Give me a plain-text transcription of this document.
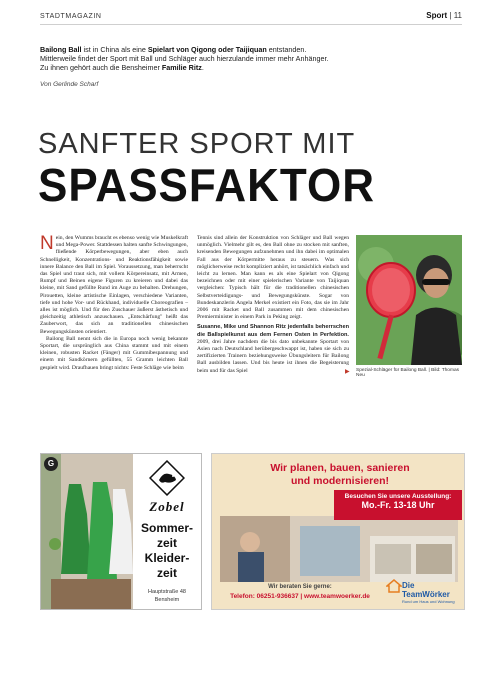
STADTMAGAZIN	Sport | 11
Bailong Ball ist in China als eine Spielart von Qigong oder Taijiquan entstanden.
Mittlerweile findet der Sport mit Ball und Schläger auch hierzulande immer mehr Anhänger.
Zu ihnen gehört auch die Bensheimer Familie Ritz.
Von Gerlinde Scharf
SANFTER SPORT MIT
SPASSFAKTOR

Nein, den Wumms braucht es ebenso wenig wie Muskelkraft und Mega-Power. Stattdessen halten sanfte Schwingungen, fließende Körperbewegungen, aber eben auch Schnelligkeit, Konzentrations- und Reaktionsfähigkeit sowie innere Balance den Ball im Spiel. Voraussetzung, man beherrscht das Spiel und traut sich, mit vollem Körpereinsatz, mit Armen, Rumpf und Beinen eigene Figuren zu kreieren und dabei das kleine, mit Sand gefüllte Rund im Auge zu behalten. Drehungen, Pirouetten, kleine artistische Einlagen, verschiedene Varianten, tiefe und hohe Vor- und Rückhand, individuelle Choreografien – alles ist möglich. Und für den Zuschauer äußerst ästhetisch und gleichzeitig athletisch anzuschauen. „Entschärfung" heißt das Zauberwort, das sich an traditionellen chinesischen Bewegungskünsten orientiert.

Bailong Ball nennt sich die in Europa noch wenig bekannte Sportart, die ursprünglich aus China stammt und mit einem kleinen, robusten Racket (Fänger) mit Gummibespannung und einem mit Sandkörnern gefüllten, 55 Gramm leichten Ball gespielt wird. Draufhauen bringt nichts: Feste Schläge wie beim

Tennis sind allein der Konstruktion von Schläger und Ball wegen unmöglich. Vielmehr gilt es, den Ball ohne zu stocken mit sanften, kreisenden Bewegungen aufzunehmen und ihn dabei im optimalen Fall aus der Körpermitte heraus zu steuern. Was sich möglicherweise recht kompliziert anhört, ist tatsächlich einfach und leicht zu lernen. Man kann es als eine Spielart von Qigong bezeichnen oder mit einer spielerischen Variante von Taijiquan vergleichen: Typisch hält für die traditionellen chinesischen Selbstverteidigungs- und Bewegungskünste. Sogar von Bundeskanzlerin Angela Merkel existiert ein Foto, das sie im Jahr 2006 mit Racket und Ball zusammen mit dem chinesischen Premierminister in einem Park in Peking zeigt.

Susanne, Mike und Shannon Ritz jedenfalls beherrschen die Ballspielkunst aus dem Fernen Osten in Perfektion. 2009, drei Jahre nachdem die bis dato unbekannte Sportart von Asien nach Deutschland herübergeschwappt ist, haben sie sich zu zertifizierten Trainern beziehungsweise Übungsleitern für Bailong Ball ausbilden lassen. Und bis heute ist ihnen die Begeisterung beim und für das Spiel	▶ Spezial-Schläger für Bailong Ball. | Bild: Thomas Neu
G
Zobel
Sommer-
zeit
Kleider-
zeit
Hauptstraße 48
Bensheim
Wir planen, bauen, sanieren
und modernisieren!
Besuchen Sie unsere Ausstellung:
Mo.-Fr. 13-18 Uhr
Wir beraten Sie gerne:
Telefon: 06251-936637 | www.teamwoerker.de
Die TeamWörker
Rund um Haus und Wohnung
